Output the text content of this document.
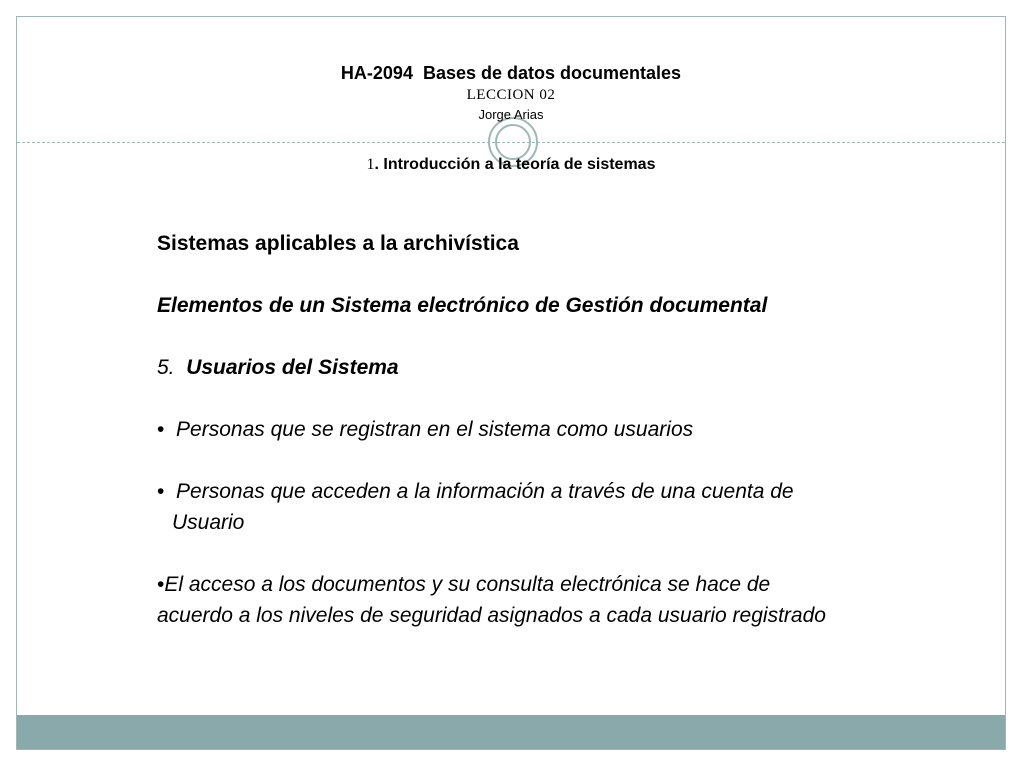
HA-2094  Bases de datos documentales
LECCION 02
Jorge Arias
1. Introducción a la teoría de sistemas

Sistemas aplicables a la archivística

Elementos de un Sistema electrónico de Gestión documental

5. Usuarios del Sistema

• Personas que se registran en el sistema como usuarios

• Personas que acceden a la información a través de una cuenta de

Usuario

•El acceso a los documentos y su consulta electrónica se hace de

acuerdo a los niveles de seguridad asignados a cada usuario registrado
